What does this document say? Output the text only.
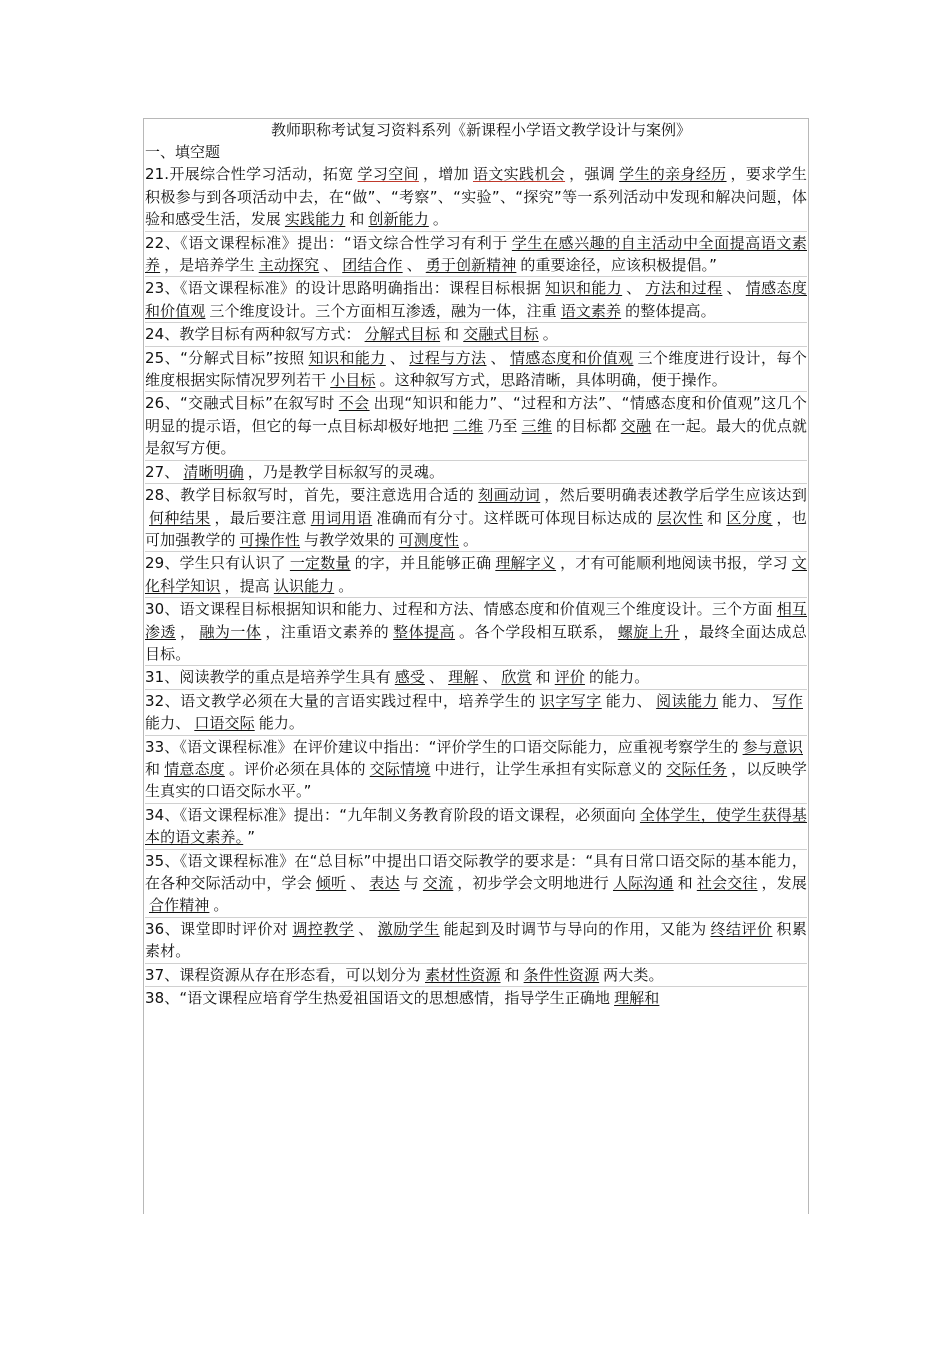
教师职称考试复习资料系列《新课程小学语文教学设计与案例》

一、填空题

21.开展综合性学习活动，拓宽 学习空间 ，增加 语文实践机会 ，强调 学生的亲身经历 ，要求学生积极参与到各项活动中去，在“做”、“考察”、“实验”、“探究”等一系列活动中发现和解决问题，体验和感受生活，发展 实践能力 和 创新能力 。

22、《语文课程标准》提出：“语文综合性学习有利于 学生在感兴趣的自主活动中全面提高语文素养 ，是培养学生 主动探究 、 团结合作 、 勇于创新精神 的重要途径，应该积极提倡。”

23、《语文课程标准》的设计思路明确指出：课程目标根据 知识和能力 、 方法和过程 、 情感态度和价值观 三个维度设计。三个方面相互渗透，融为一体，注重 语文素养 的整体提高。

24、教学目标有两种叙写方式： 分解式目标 和 交融式目标 。

25、“分解式目标”按照 知识和能力 、 过程与方法 、 情感态度和价值观 三个维度进行设计，每个维度根据实际情况罗列若干 小目标 。这种叙写方式，思路清晰，具体明确，便于操作。

26、“交融式目标”在叙写时 不会 出现“知识和能力”、“过程和方法”、“情感态度和价值观”这几个明显的提示语，但它的每一点目标却极好地把 二维 乃至 三维 的目标都 交融 在一起。最大的优点就是叙写方便。

27、 清晰明确 ，乃是教学目标叙写的灵魂。

28、教学目标叙写时，首先，要注意选用合适的 刻画动词 ，然后要明确表述教学后学生应该达到何种结果 ，最后要注意 用词用语 准确而有分寸。这样既可体现目标达成的 层次性 和 区分度 ，也可加强教学的 可操作性 与教学效果的 可测度性 。

29、学生只有认识了 一定数量 的字，并且能够正确 理解字义 ，才有可能顺利地阅读书报，学习 文化科学知识 ，提高 认识能力 。

30、语文课程目标根据知识和能力、过程和方法、情感态度和价值观三个维度设计。三个方面 相互渗透 ， 融为一体 ，注重语文素养的 整体提高 。各个学段相互联系， 螺旋上升 ，最终全面达成总目标。

31、阅读教学的重点是培养学生具有 感受 、 理解 、 欣赏 和 评价 的能力。

32、语文教学必须在大量的言语实践过程中，培养学生的 识字写字 能力、 阅读能力 能力、 写作能力、 口语交际 能力。

33、《语文课程标准》在评价建议中指出：“评价学生的口语交际能力，应重视考察学生的 参与意识和 情意态度 。评价必须在具体的 交际情境 中进行，让学生承担有实际意义的 交际任务 ，以反映学生真实的口语交际水平。”

34、《语文课程标准》提出：“九年制义务教育阶段的语文课程，必须面向 全体学生，使学生获得基本的语文素养。 ”

35、《语文课程标准》在“总目标”中提出口语交际教学的要求是：“具有日常口语交际的基本能力，在各种交际活动中，学会 倾听 、 表达 与 交流 ，初步学会文明地进行 人际沟通 和 社会交往 ，发展合作精神 。

36、课堂即时评价对 调控教学 、 激励学生 能起到及时调节与导向的作用，又能为 终结评价 积累素材。

37、课程资源从存在形态看，可以划分为 素材性资源 和 条件性资源 两大类。

38、“语文课程应培育学生热爱祖国语文的思想感情，指导学生正确地 理解和
